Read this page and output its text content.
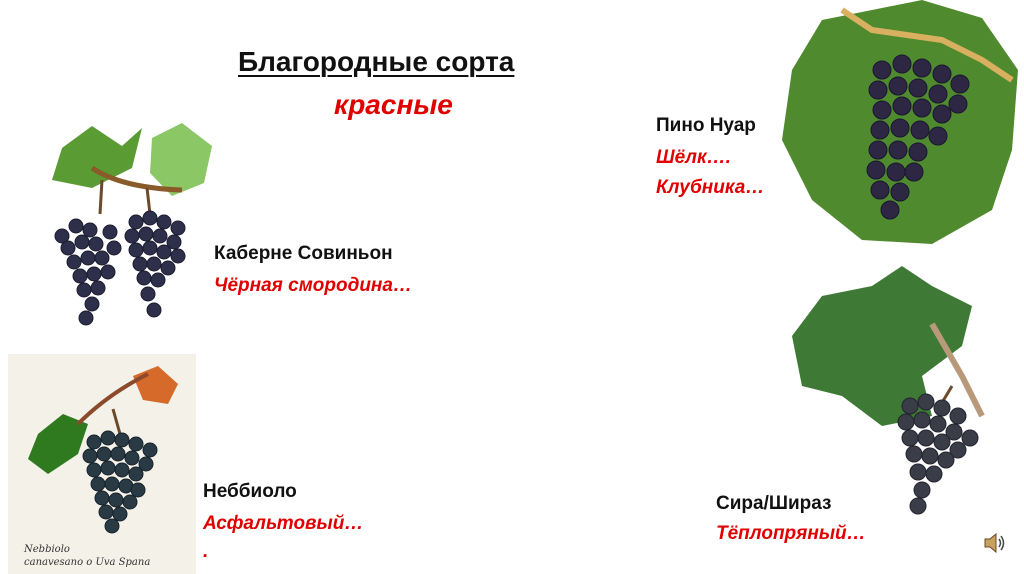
Благородные сорта
красные
Каберне Совиньон
Чёрная смородина…
Пино Нуар
Шёлк….
Клубника…
Nebbiolo
canavesano o Uva Spana
Неббиоло
Асфальтовый…
.
Сира/Шираз
Тёплопряный…
